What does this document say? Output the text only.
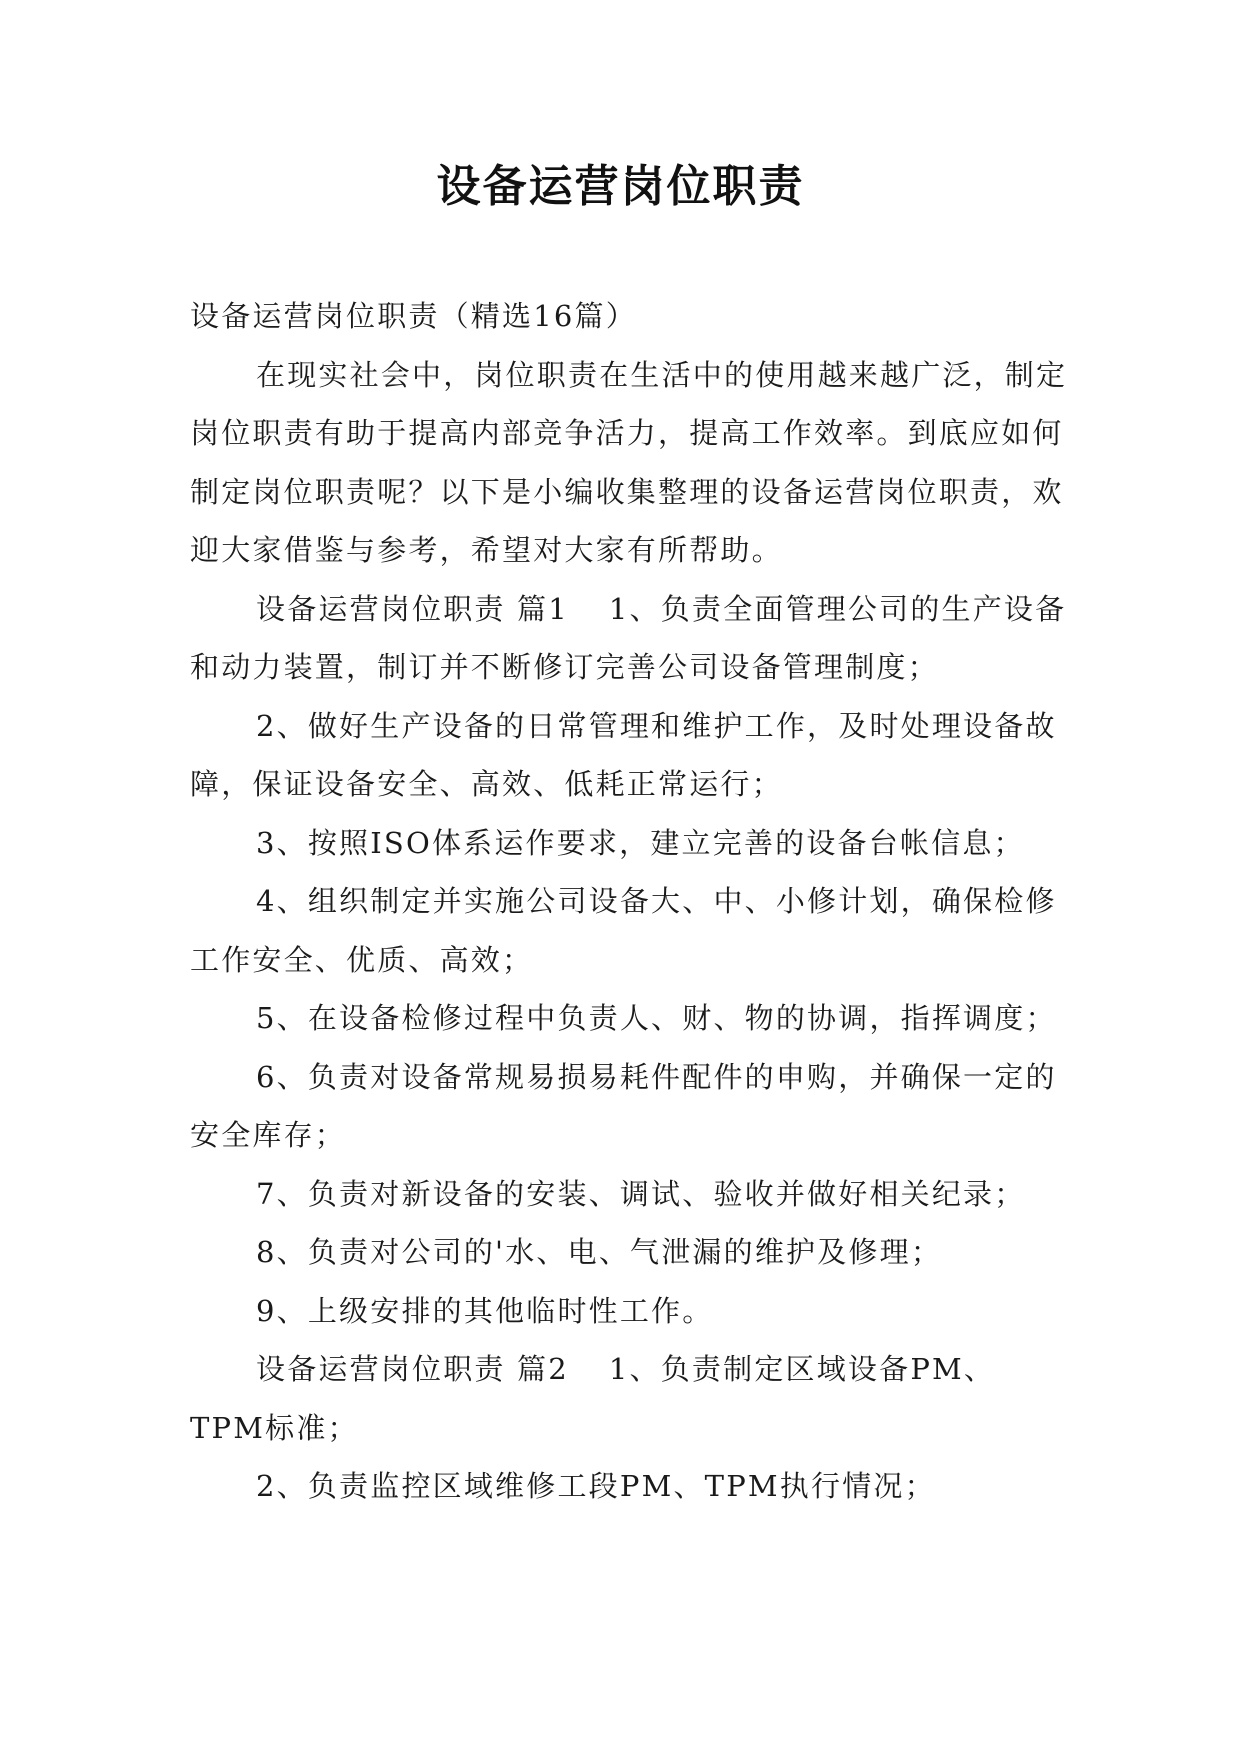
设备运营岗位职责

设备运营岗位职责（精选16篇）

在现实社会中，岗位职责在生活中的使用越来越广泛，制定岗位职责有助于提高内部竞争活力，提高工作效率。到底应如何制定岗位职责呢？以下是小编收集整理的设备运营岗位职责，欢迎大家借鉴与参考，希望对大家有所帮助。

设备运营岗位职责 篇1 1、负责全面管理公司的生产设备和动力装置，制订并不断修订完善公司设备管理制度；

2、做好生产设备的日常管理和维护工作，及时处理设备故障，保证设备安全、高效、低耗正常运行；

3、按照ISO体系运作要求，建立完善的设备台帐信息；

4、组织制定并实施公司设备大、中、小修计划，确保检修工作安全、优质、高效；

5、在设备检修过程中负责人、财、物的协调，指挥调度；

6、负责对设备常规易损易耗件配件的申购，并确保一定的安全库存；

7、负责对新设备的安装、调试、验收并做好相关纪录；

8、负责对公司的'水、电、气泄漏的维护及修理；

9、上级安排的其他临时性工作。

设备运营岗位职责 篇2 1、负责制定区域设备PM、TPM标准；

2、负责监控区域维修工段PM、TPM执行情况；
